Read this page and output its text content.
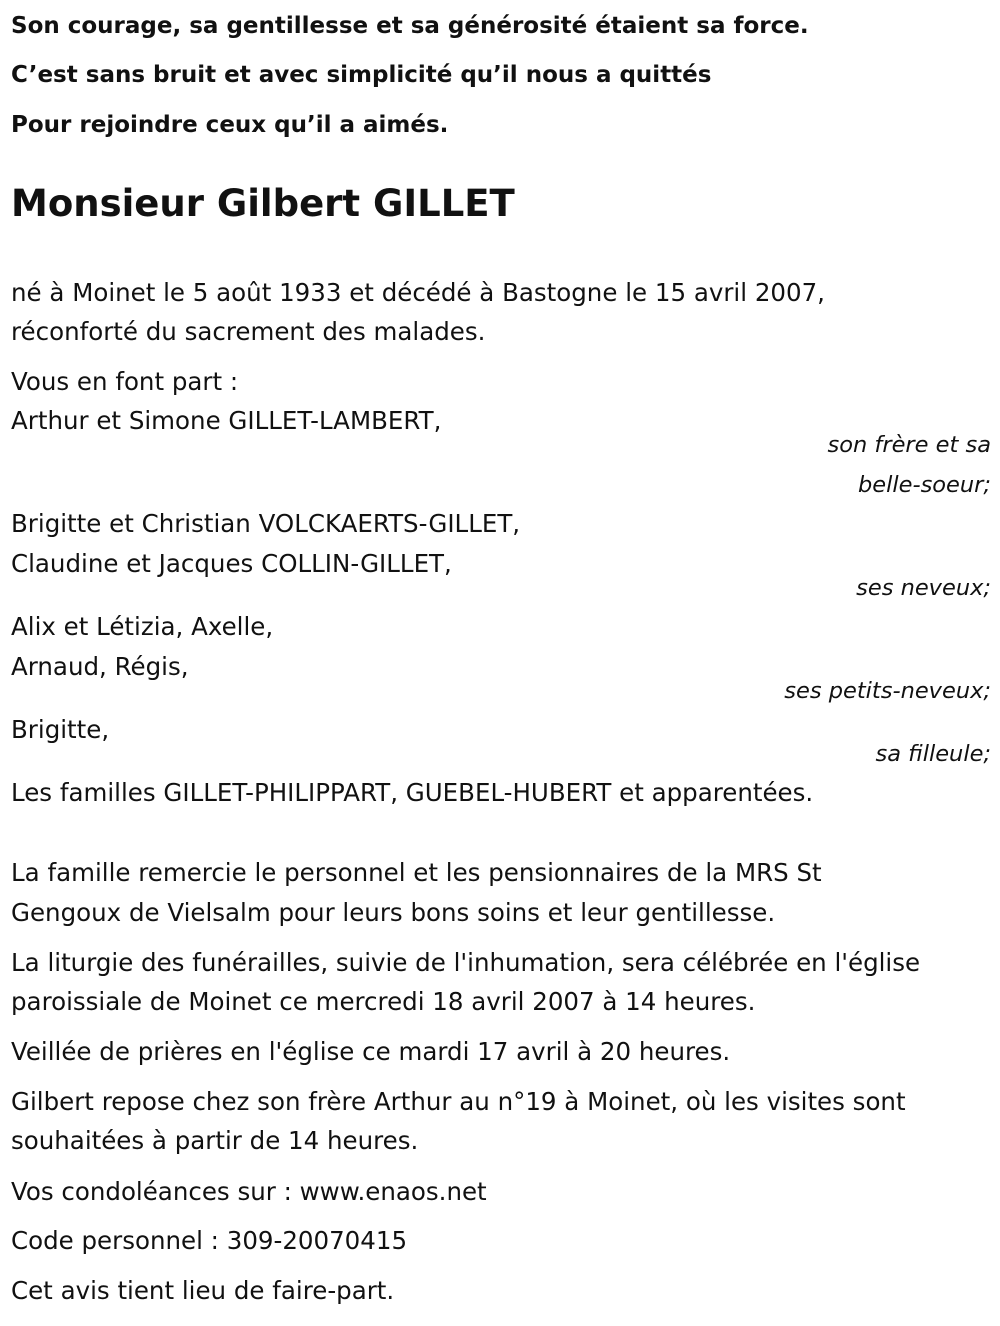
Son courage, sa gentillesse et sa générosité étaient sa force.

C’est sans bruit et avec simplicité qu’il nous a quittés

Pour rejoindre ceux qu’il a aimés.

Monsieur Gilbert GILLET

né à Moinet le 5 août 1933 et décédé à Bastogne le 15 avril 2007,

réconforté du sacrement des malades.

Vous en font part :

Arthur et Simone GILLET-LAMBERT,

son frère et sa

belle-soeur;

Brigitte et Christian VOLCKAERTS-GILLET,

Claudine et Jacques COLLIN-GILLET,

ses neveux;

Alix et Létizia, Axelle,

Arnaud, Régis,

ses petits-neveux;

Brigitte,

sa filleule;

Les familles GILLET-PHILIPPART, GUEBEL-HUBERT et apparentées.

La famille remercie le personnel et les pensionnaires de la MRS St

Gengoux de Vielsalm pour leurs bons soins et leur gentillesse.

La liturgie des funérailles, suivie de l'inhumation, sera célébrée en l'église

paroissiale de Moinet ce mercredi 18 avril 2007 à 14 heures.

Veillée de prières en l'église ce mardi 17 avril à 20 heures.

Gilbert repose chez son frère Arthur au n°19 à Moinet, où les visites sont

souhaitées à partir de 14 heures.

Vos condoléances sur : www.enaos.net

Code personnel : 309-20070415

Cet avis tient lieu de faire-part.
